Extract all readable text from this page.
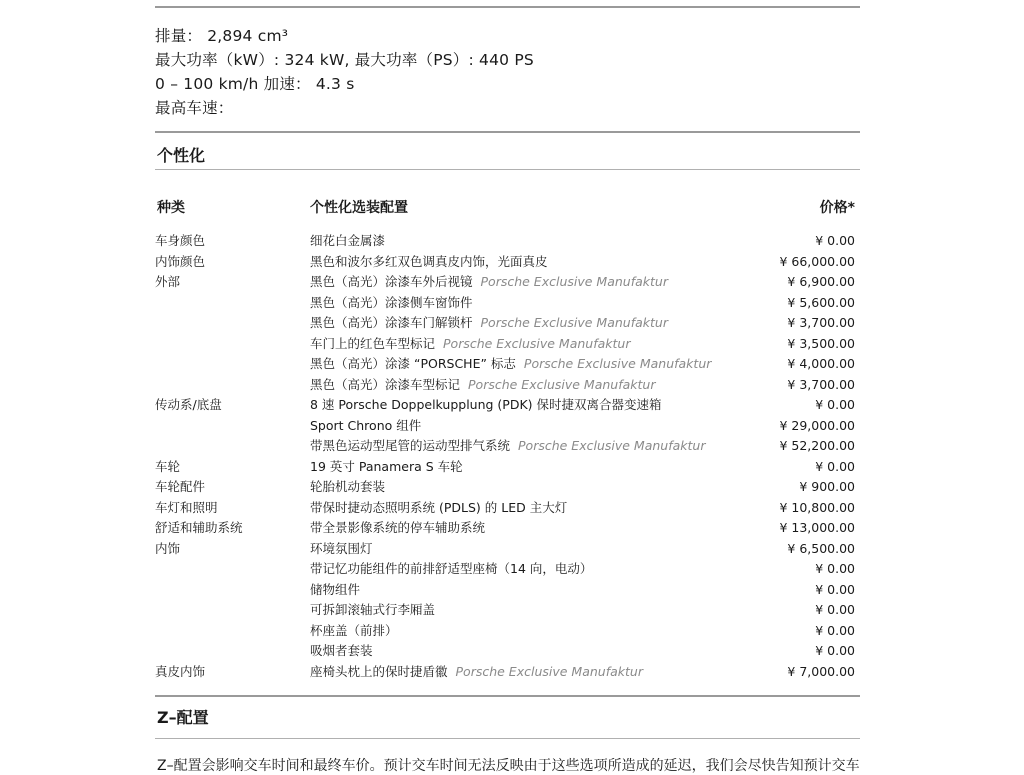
排量： 2,894 cm³
最大功率（kW）: 324 kW, 最大功率（PS）: 440 PS
0 – 100 km/h 加速： 4.3 s
最高车速：
个性化
种类	个性化选装配置	价格*
车身颜色	细花白金属漆	¥ 0.00
内饰颜色	黑色和波尔多红双色调真皮内饰，光面真皮	¥ 66,000.00
外部	黑色（高光）涂漆车外后视镜 Porsche Exclusive Manufaktur	¥ 6,900.00
黑色（高光）涂漆侧车窗饰件	¥ 5,600.00
黑色（高光）涂漆车门解锁杆 Porsche Exclusive Manufaktur	¥ 3,700.00
车门上的红色车型标记 Porsche Exclusive Manufaktur	¥ 3,500.00
黑色（高光）涂漆 “PORSCHE” 标志 Porsche Exclusive Manufaktur	¥ 4,000.00
黑色（高光）涂漆车型标记 Porsche Exclusive Manufaktur	¥ 3,700.00
传动系/底盘	8 速 Porsche Doppelkupplung (PDK) 保时捷双离合器变速箱	¥ 0.00
Sport Chrono 组件	¥ 29,000.00
带黑色运动型尾管的运动型排气系统 Porsche Exclusive Manufaktur	¥ 52,200.00
车轮	19 英寸 Panamera S 车轮	¥ 0.00
车轮配件	轮胎机动套装	¥ 900.00
车灯和照明	带保时捷动态照明系统 (PDLS) 的 LED 主大灯	¥ 10,800.00
舒适和辅助系统	带全景影像系统的停车辅助系统	¥ 13,000.00
内饰	环境氛围灯	¥ 6,500.00
带记忆功能组件的前排舒适型座椅（14 向，电动）	¥ 0.00
储物组件	¥ 0.00
可拆卸滚轴式行李厢盖	¥ 0.00
杯座盖（前排）	¥ 0.00
吸烟者套装	¥ 0.00
真皮内饰	座椅头枕上的保时捷盾徽 Porsche Exclusive Manufaktur	¥ 7,000.00
Z–配置
Z–配置会影响交车时间和最终车价。预计交车时间无法反映由于这些选项所造成的延迟，我们会尽快告知预计交车
